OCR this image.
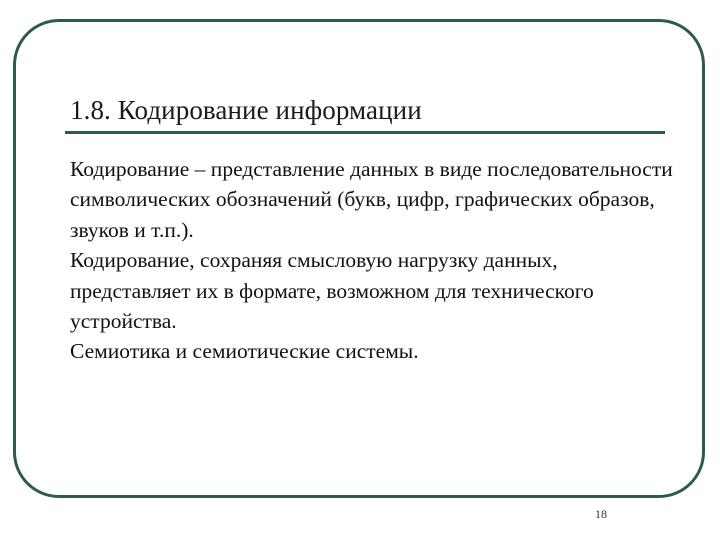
1.8. Кодирование информации

Кодирование – представление данных в виде последовательности символических обозначений (букв, цифр, графических образов, звуков и т.п.).

Кодирование, сохраняя смысловую нагрузку данных, представляет их в формате, возможном для технического устройства.

Семиотика и семиотические системы.

18
